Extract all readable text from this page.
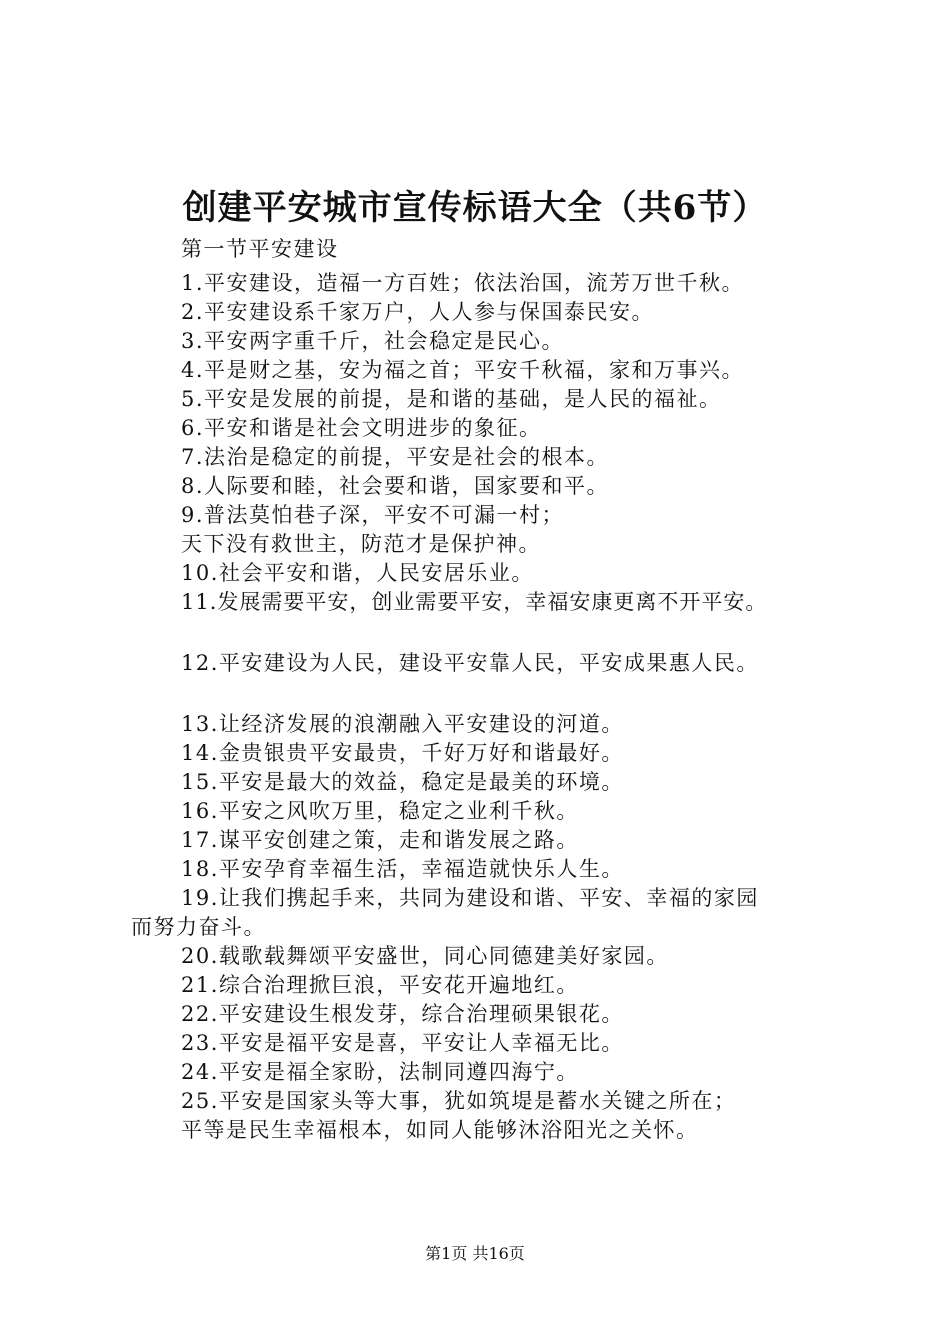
创建平安城市宣传标语大全（共6节）
第一节平安建设
1.平安建设，造福一方百姓；依法治国，流芳万世千秋。
2.平安建设系千家万户，人人参与保国泰民安。
3.平安两字重千斤，社会稳定是民心。
4.平是财之基，安为福之首；平安千秋福，家和万事兴。
5.平安是发展的前提，是和谐的基础，是人民的福祉。
6.平安和谐是社会文明进步的象征。
7.法治是稳定的前提，平安是社会的根本。
8.人际要和睦，社会要和谐，国家要和平。
9.普法莫怕巷子深，平安不可漏一村；
天下没有救世主，防范才是保护神。
10.社会平安和谐，人民安居乐业。
11.发展需要平安，创业需要平安，幸福安康更离不开平安。
12.平安建设为人民，建设平安靠人民，平安成果惠人民。
13.让经济发展的浪潮融入平安建设的河道。
14.金贵银贵平安最贵，千好万好和谐最好。
15.平安是最大的效益，稳定是最美的环境。
16.平安之风吹万里，稳定之业利千秋。
17.谋平安创建之策，走和谐发展之路。
18.平安孕育幸福生活，幸福造就快乐人生。
19.让我们携起手来，共同为建设和谐、平安、幸福的家园
而努力奋斗。
20.载歌载舞颂平安盛世，同心同德建美好家园。
21.综合治理掀巨浪，平安花开遍地红。
22.平安建设生根发芽，综合治理硕果银花。
23.平安是福平安是喜，平安让人幸福无比。
24.平安是福全家盼，法制同遵四海宁。
25.平安是国家头等大事，犹如筑堤是蓄水关键之所在；
平等是民生幸福根本，如同人能够沐浴阳光之关怀。
第1页 共16页
